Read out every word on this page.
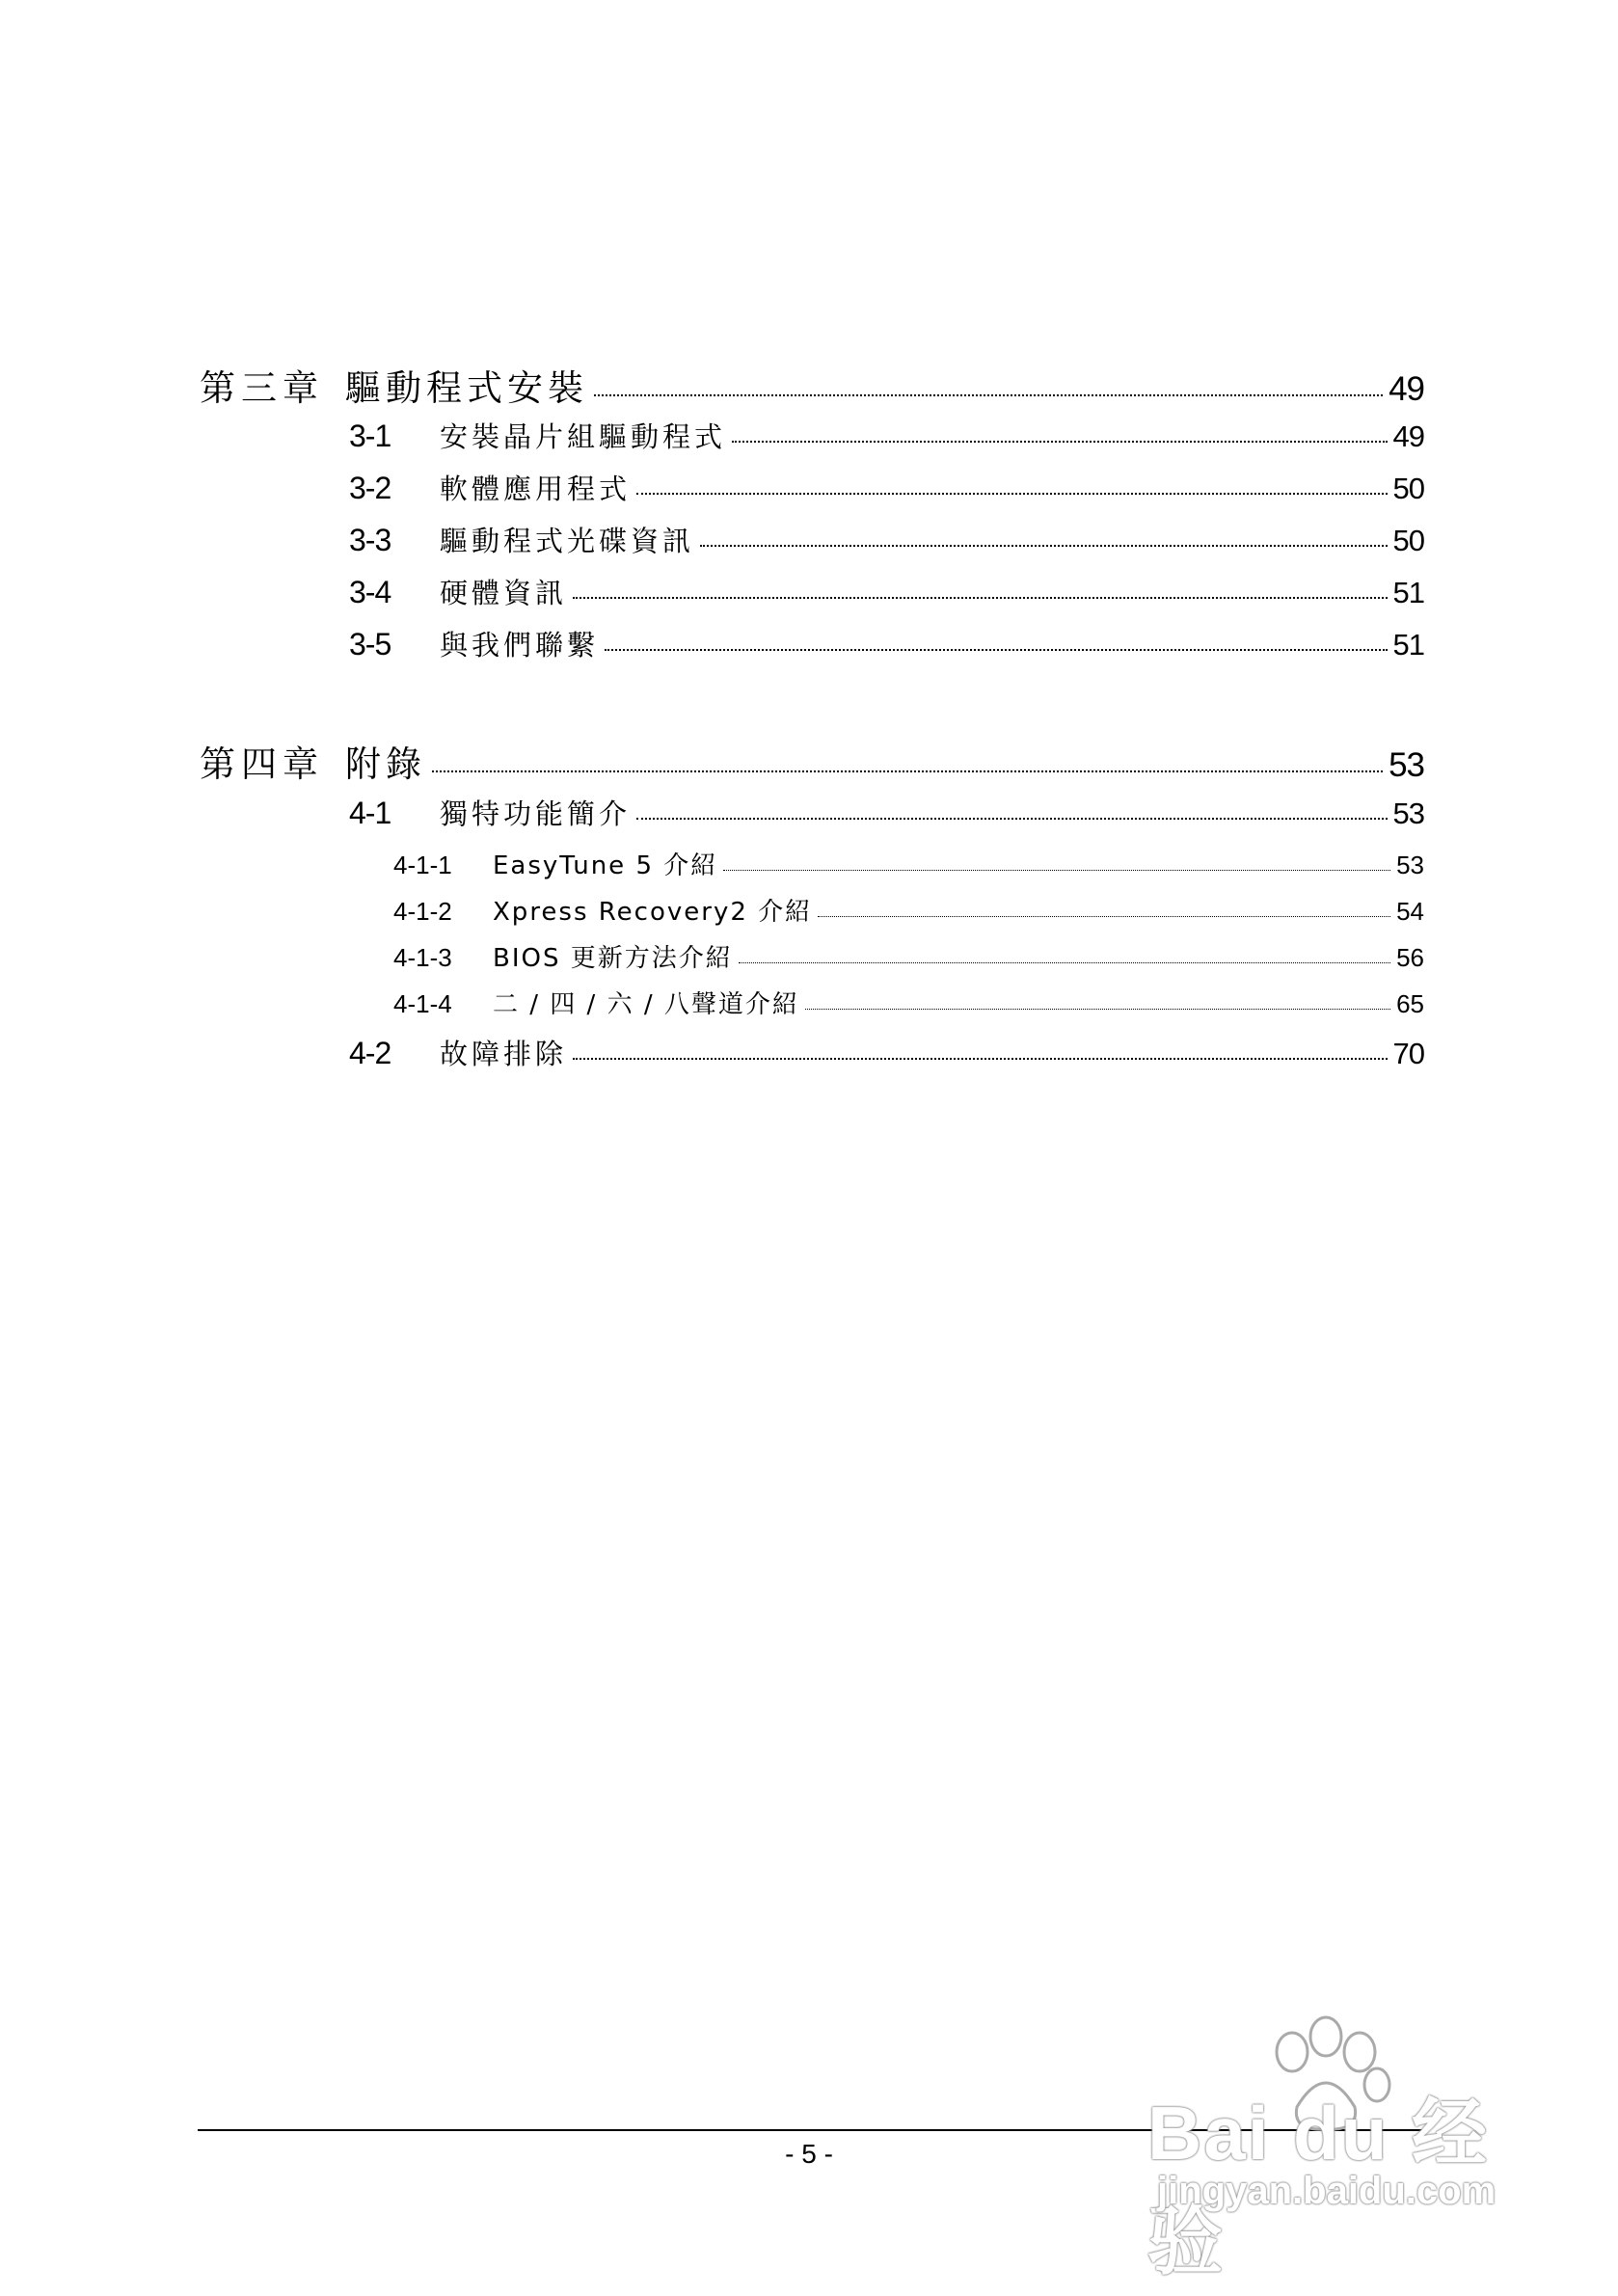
第三章 驅動程式安裝	49
3-1	安裝晶片組驅動程式	49
3-2	軟體應用程式	50
3-3	驅動程式光碟資訊	50
3-4	硬體資訊	51
3-5	與我們聯繫	51
第四章 附錄	53
4-1	獨特功能簡介	53
4-1-1	EasyTune 5 介紹	53
4-1-2	Xpress Recovery2 介紹	54
4-1-3	BIOS 更新方法介紹	56
4-1-4	二 / 四 / 六 / 八聲道介紹	65
4-2	故障排除	70
- 5 -	Bai du 经验
jingyan.baidu.com
